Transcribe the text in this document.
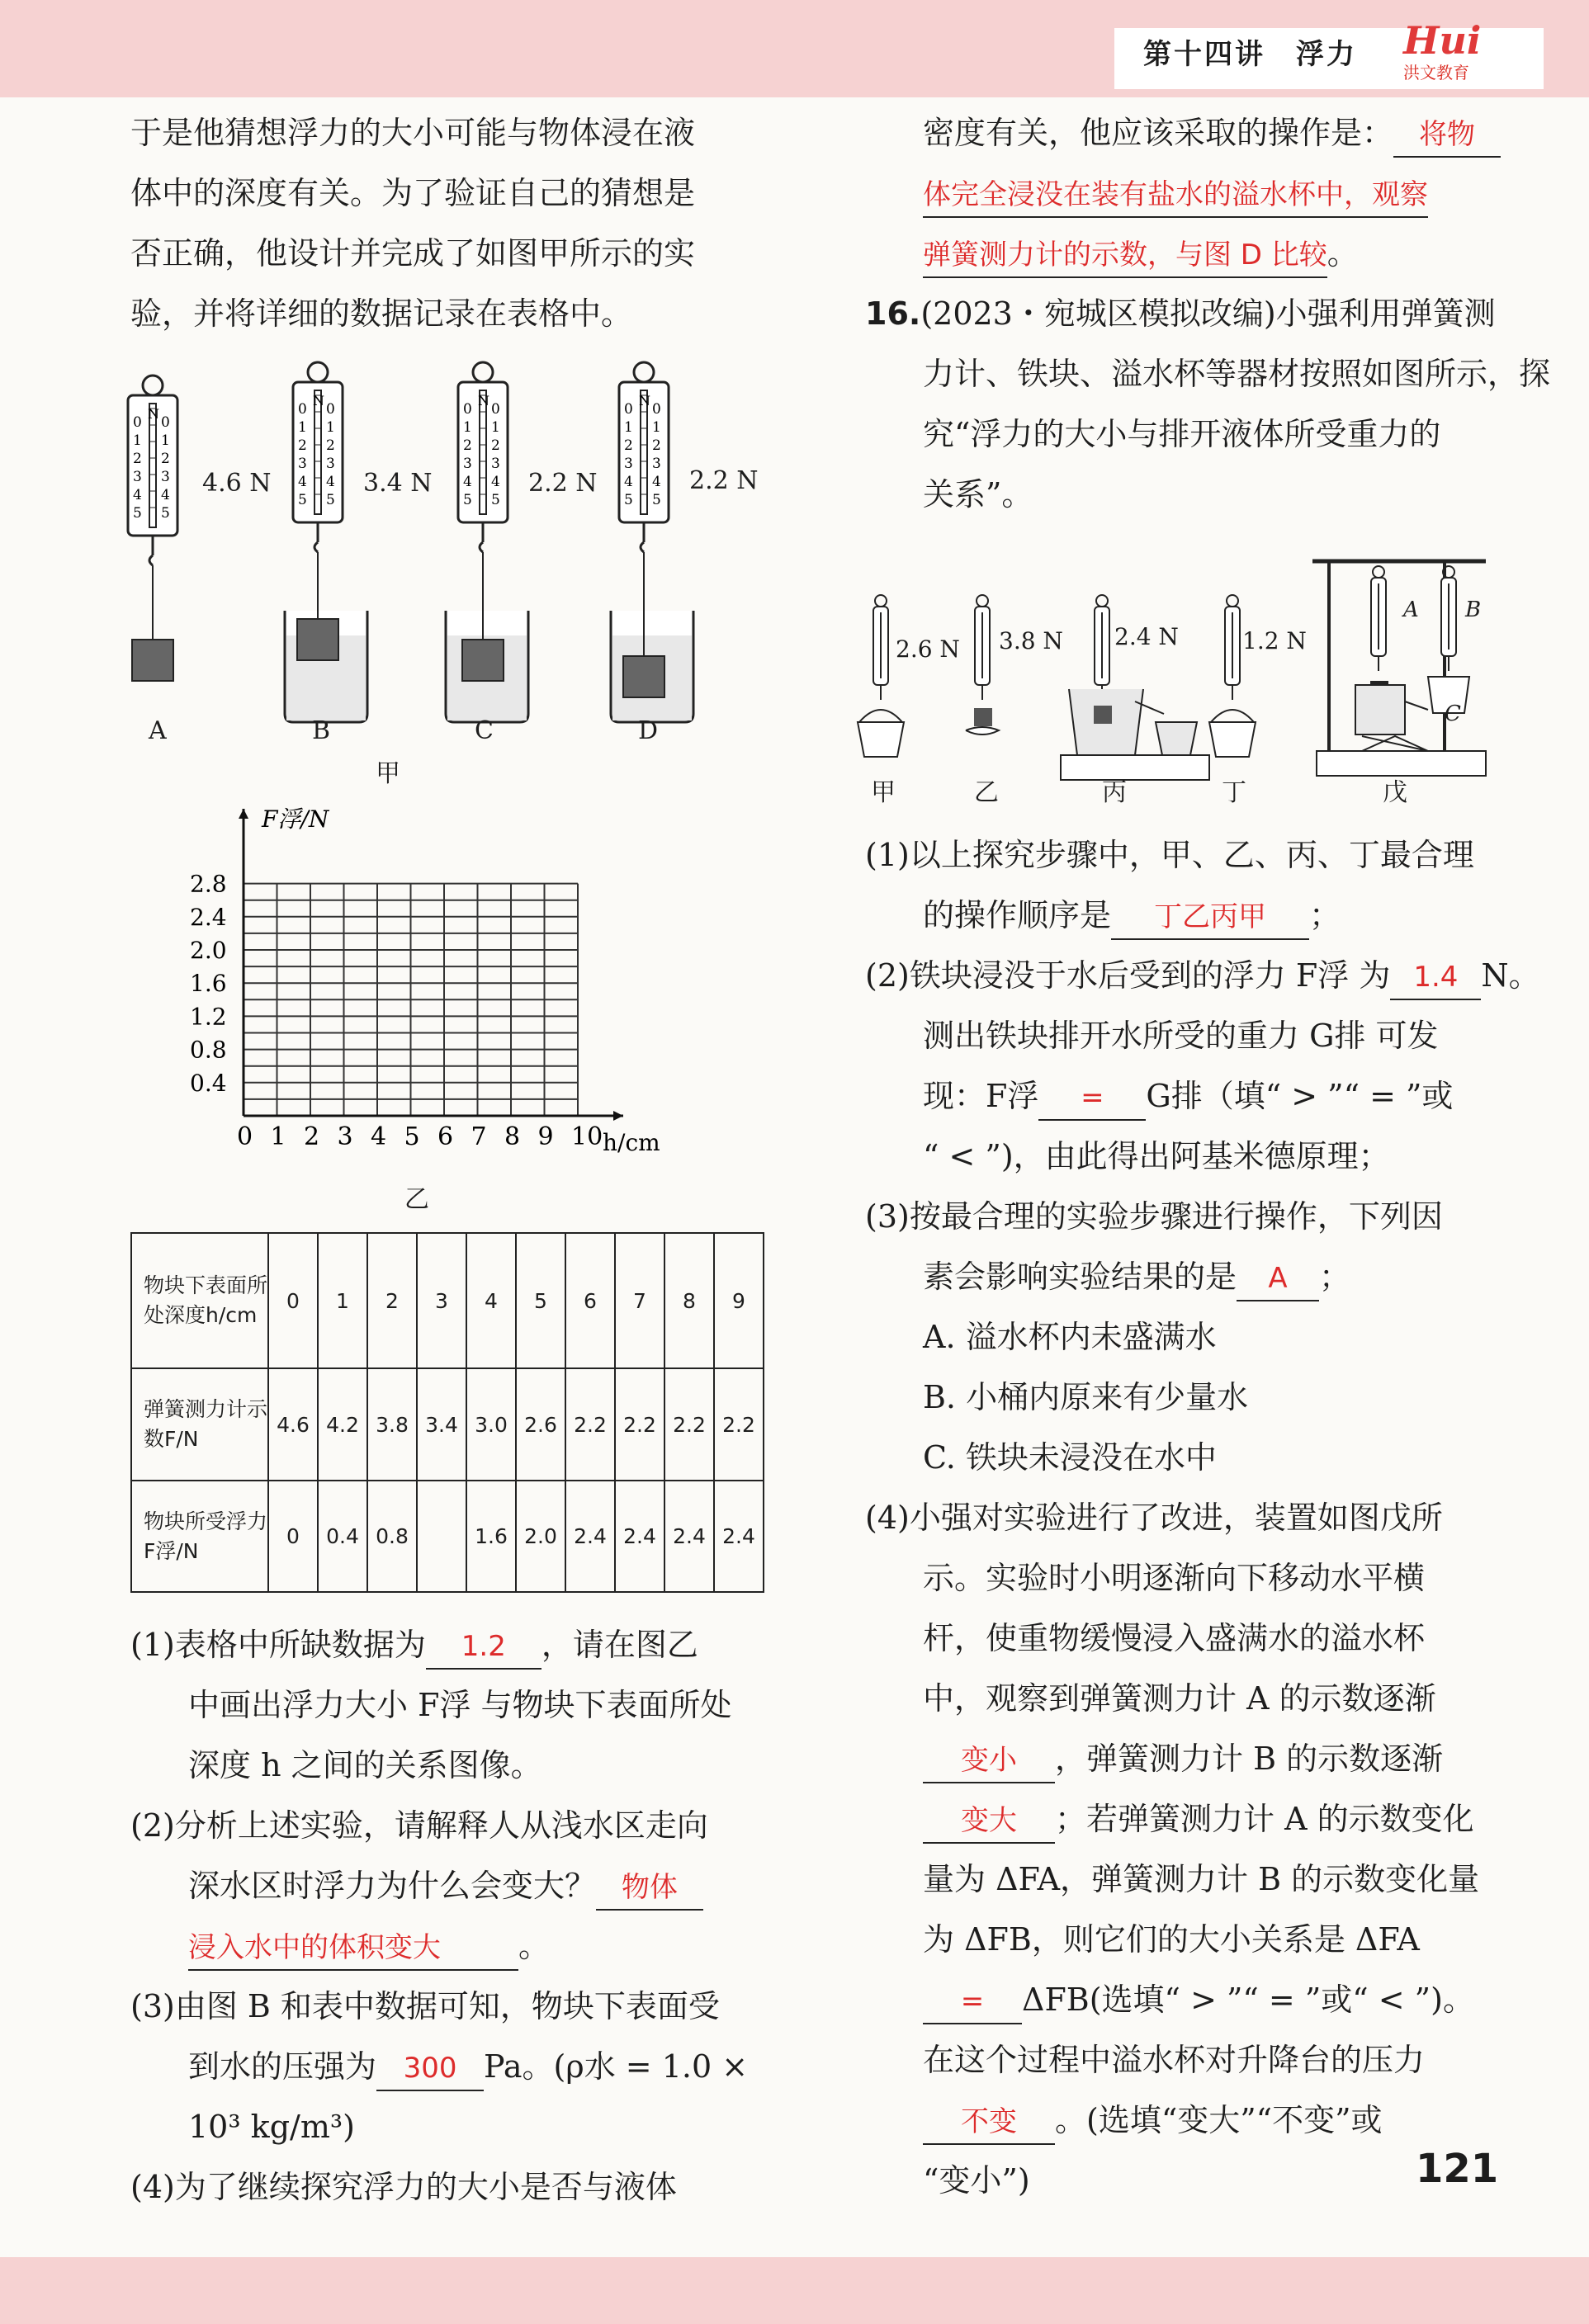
第十四讲　浮力 Hui
洪文教育
121
于是他猜想浮力的大小可能与物体浸在液
体中的深度有关。为了验证自己的猜想是
否正确，他设计并完成了如图甲所示的实
验，并将详细的数据记录在表格中。
N
0 0
1 1
2 2
3 3
4 4
5 5
N
0 0
1 1
2 2
3 3
4 4
5 5
N
0 0
1 1
2 2
3 3
4 4
5 5
N
0 0
1 1
2 2
3 3
4 4
5 5
4.6 N	3.4 N	2.2 N	2.2 N
A	B	C	D
甲
0 1 2 3 4 5 6 7 8 9 10
0.4
0.8
1.2
1.6
2.0
2.4
2.8
F浮/N
h/cm
乙
物块下表面所处深度h/cm	0	1	2	3	4	5	6	7	8	9
弹簧测力计示数F/N	4.6	4.2	3.8	3.4	3.0	2.6	2.2	2.2	2.2	2.2
物块所受浮力F浮/N	0	0.4	0.8		1.6	2.0	2.4	2.4	2.4	2.4
(1)表格中所缺数据为 1.2 ，请在图乙
中画出浮力大小 F浮 与物块下表面所处
深度 h 之间的关系图像。
(2)分析上述实验，请解释人从浅水区走向
深水区时浮力为什么会变大？ 物体
浸入水中的体积变大 。
(3)由图 B 和表中数据可知，物块下表面受
到水的压强为 300 Pa。(ρ水 = 1.0 ×
10³ kg/m³)
(4)为了继续探究浮力的大小是否与液体
密度有关，他应该采取的操作是： 将物
体完全浸没在装有盐水的溢水杯中，观察
弹簧测力计的示数，与图 D 比较。
16.(2023・宛城区模拟改编)小强利用弹簧测
力计、铁块、溢水杯等器材按照如图所示，探
究“浮力的大小与排开液体所受重力的
关系”。
2.6 N 3.8 N 2.4 N	1.2 N
A B
C
甲	乙	丙	丁	戊
(1)以上探究步骤中，甲、乙、丙、丁最合理
的操作顺序是 丁乙丙甲 ；
(2)铁块浸没于水后受到的浮力 F浮 为 1.4 N。
测出铁块排开水所受的重力 G排 可发
现：F浮 = G排（填“ > ”“ = ”或
“ < ”)，由此得出阿基米德原理；
(3)按最合理的实验步骤进行操作，下列因
素会影响实验结果的是 A ；
A. 溢水杯内未盛满水
B. 小桶内原来有少量水
C. 铁块未浸没在水中
(4)小强对实验进行了改进，装置如图戊所
示。实验时小明逐渐向下移动水平横
杆，使重物缓慢浸入盛满水的溢水杯
中，观察到弹簧测力计 A 的示数逐渐
变小 ，弹簧测力计 B 的示数逐渐
变大 ；若弹簧测力计 A 的示数变化
量为 ΔFA，弹簧测力计 B 的示数变化量
为 ΔFB，则它们的大小关系是 ΔFA
= ΔFB(选填“ > ”“ = ”或“ < ”)。
在这个过程中溢水杯对升降台的压力
不变 。(选填“变大”“不变”或
“变小”)
